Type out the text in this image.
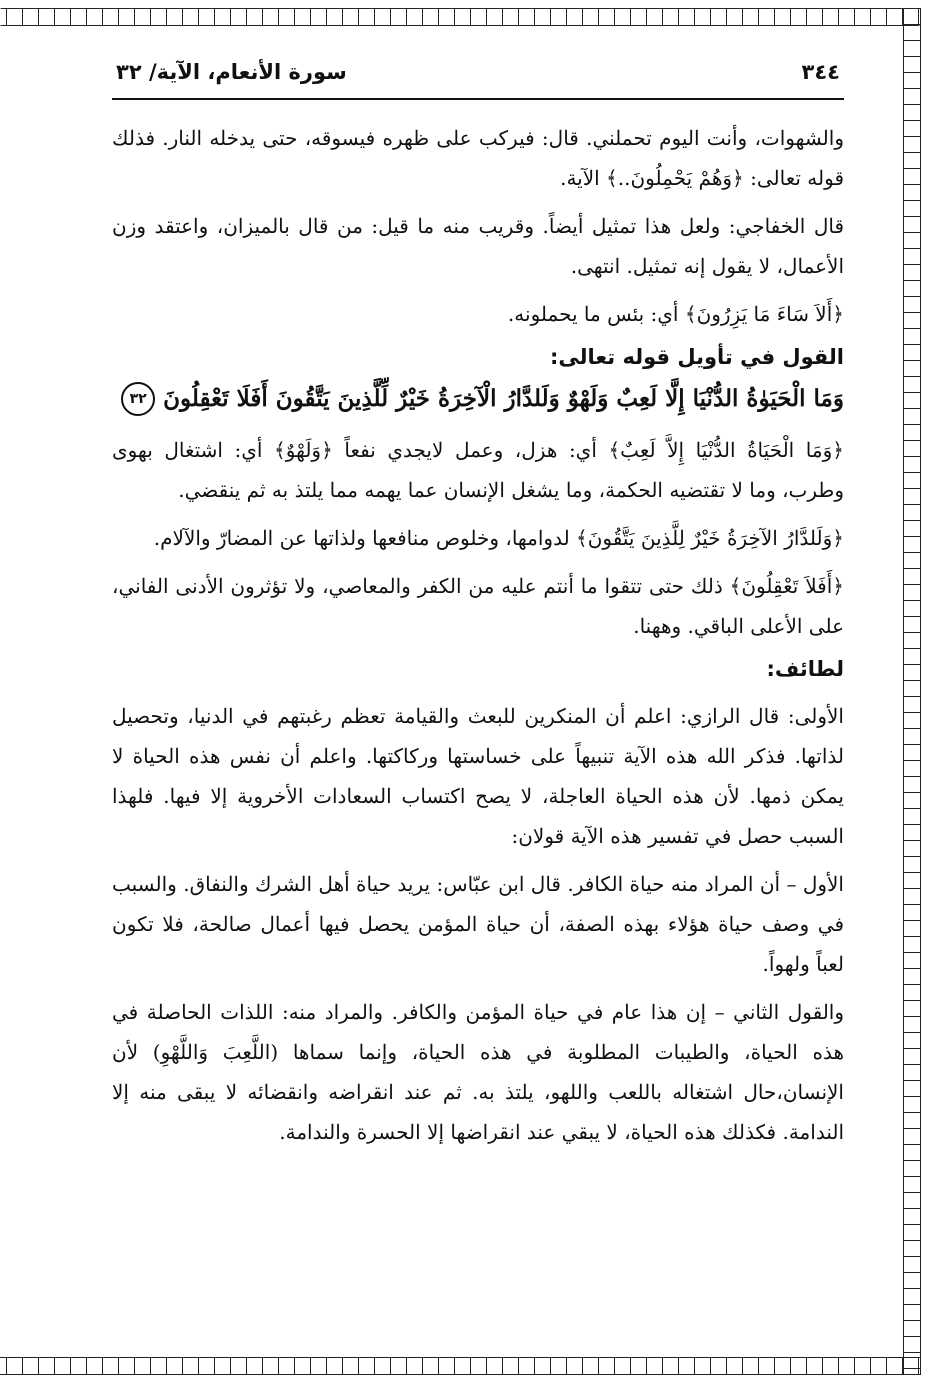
٣٤٤
سورة الأنعام، الآية/ ٣٢

والشهوات، وأنت اليوم تحملني. قال: فيركب على ظهره فيسوقه، حتى يدخله النار. فذلك قوله تعالى: ﴿وَهُمْ يَحْمِلُونَ..﴾ الآية.

قال الخفاجي: ولعل هذا تمثيل أيضاً. وقريب منه ما قيل: من قال بالميزان، واعتقد وزن الأعمال، لا يقول إنه تمثيل. انتهى.

﴿أَلاَ سَاءَ مَا يَزِرُونَ﴾ أي: بئس ما يحملونه.

القول في تأويل قوله تعالى:
وَمَا الْحَيَوٰةُ الدُّنْيَا إِلَّا لَعِبٌ وَلَهْوٌ وَلَلدَّارُ الْآخِرَةُ خَيْرٌ لِّلَّذِينَ يَتَّقُونَ أَفَلَا تَعْقِلُونَ
٣٢

﴿وَمَا الْحَيَاةُ الدُّنْيَا إِلاَّ لَعِبٌ﴾ أي: هزل، وعمل لايجدي نفعاً ﴿وَلَهْوٌ﴾ أي: اشتغال بهوى وطرب، وما لا تقتضيه الحكمة، وما يشغل الإنسان عما يهمه مما يلتذ به ثم ينقضي.

﴿وَلَلدَّارُ الآخِرَةُ خَيْرٌ لِلَّذِينَ يَتَّقُونَ﴾ لدوامها، وخلوص منافعها ولذاتها عن المضارّ والآلام.

﴿أَفَلاَ تَعْقِلُونَ﴾ ذلك حتى تتقوا ما أنتم عليه من الكفر والمعاصي، ولا تؤثرون الأدنى الفاني، على الأعلى الباقي. وههنا.

لطائف:

الأولى: قال الرازي: اعلم أن المنكرين للبعث والقيامة تعظم رغبتهم في الدنيا، وتحصيل لذاتها. فذكر الله هذه الآية تنبيهاً على خساستها وركاكتها. واعلم أن نفس هذه الحياة لا يمكن ذمها. لأن هذه الحياة العاجلة، لا يصح اكتساب السعادات الأخروية إلا فيها. فلهذا السبب حصل في تفسير هذه الآية قولان:

الأول – أن المراد منه حياة الكافر. قال ابن عبّاس: يريد حياة أهل الشرك والنفاق. والسبب في وصف حياة هؤلاء بهذه الصفة، أن حياة المؤمن يحصل فيها أعمال صالحة، فلا تكون لعباً ولهواً.

والقول الثاني – إن هذا عام في حياة المؤمن والكافر. والمراد منه: اللذات الحاصلة في هذه الحياة، والطيبات المطلوبة في هذه الحياة، وإنما سماها (اللَّعِبَ وَاللَّهْوِ) لأن الإنسان،حال اشتغاله باللعب واللهو، يلتذ به. ثم عند انقراضه وانقضائه لا يبقى منه إلا الندامة. فكذلك هذه الحياة، لا يبقي عند انقراضها إلا الحسرة والندامة.
